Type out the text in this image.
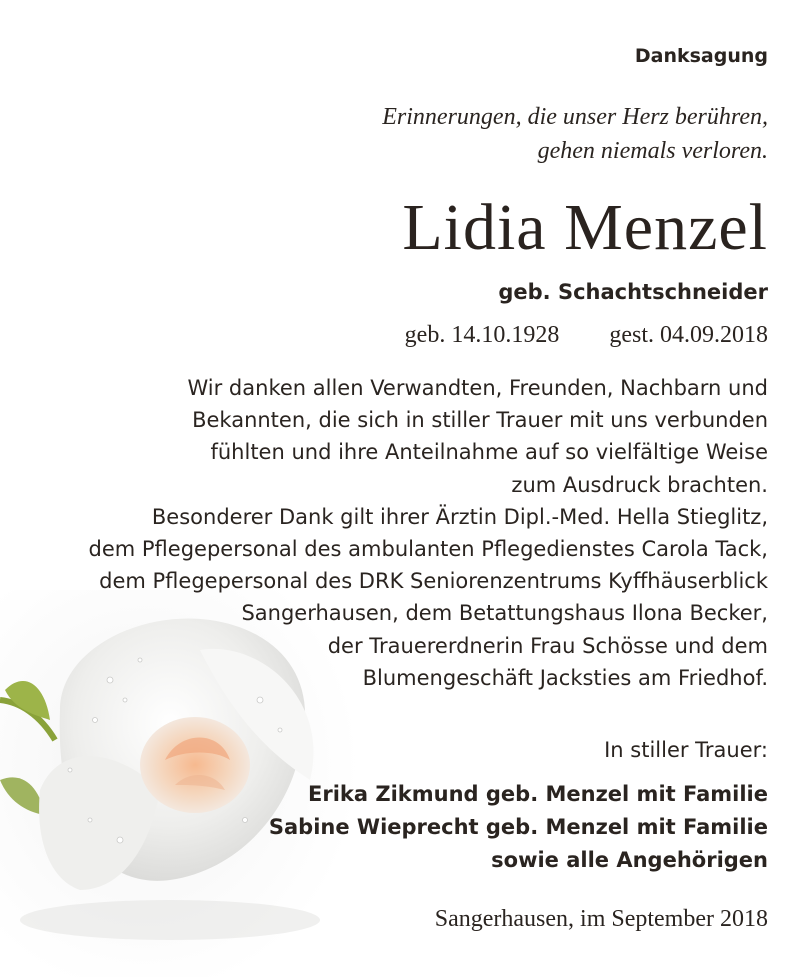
Danksagung
Erinnerungen, die unser Herz berühren,
gehen niemals verloren.
Lidia Menzel
geb. Schachtschneider
geb. 14.10.1928 gest. 04.09.2018
Wir danken allen Verwandten, Freunden, Nachbarn und
Bekannten, die sich in stiller Trauer mit uns verbunden
fühlten und ihre Anteilnahme auf so vielfältige Weise
zum Ausdruck brachten.
Besonderer Dank gilt ihrer Ärztin Dipl.-Med. Hella Stieglitz,
dem Pflegepersonal des ambulanten Pflegedienstes Carola Tack,
dem Pflegepersonal des DRK Seniorenzentrums Kyffhäuserblick
Sangerhausen, dem Betattungshaus Ilona Becker,
der Trauererdnerin Frau Schösse und dem
Blumengeschäft Jacksties am Friedhof.
In stiller Trauer:
Erika Zikmund geb. Menzel mit Familie
Sabine Wieprecht geb. Menzel mit Familie
sowie alle Angehörigen
Sangerhausen, im September 2018
